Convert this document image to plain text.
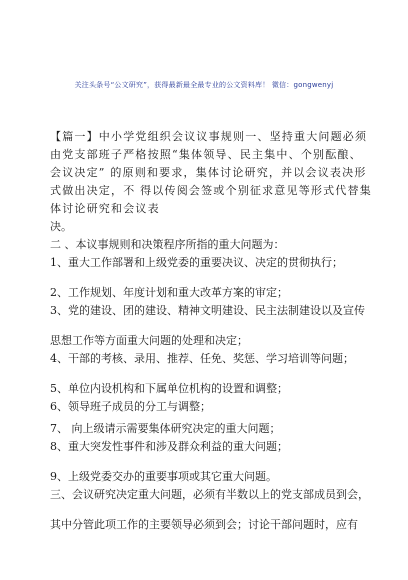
关注头条号“公文研究”，获得最新最全最专业的公文资料库！ 微信：gongwenyj

【篇一】中小学党组织会议议事规则一、坚持重大问题必须由党支部班子严格按照“集体领导、民主集中、个别酝酿、会议决定” 的原则和要求，集体讨论研究，并以会议表决形式做出决定，不 得以传阅会签或个别征求意见等形式代替集体讨论研究和会议表

决。

二 、本议事规则和决策程序所指的重大问题为：

1、重大工作部署和上级党委的重要决议、决定的贯彻执行；

2、工作规划、年度计划和重大改革方案的审定；

3、党的建设、团的建设、精神文明建设、民主法制建设以及宣传

思想工作等方面重大问题的处理和决定；

4、干部的考核、录用、推荐、任免、奖惩、学习培训等问题；

5、单位内设机构和下属单位机构的设置和调整；

6、领导班子成员的分工与调整；

7、 向上级请示需要集体研究决定的重大问题；

8、重大突发性事件和涉及群众利益的重大问题；

9、上级党委交办的重要事项或其它重大问题。

三、会议研究决定重大问题，必须有半数以上的党支部成员到会，

其中分管此项工作的主要领导必须到会；讨论干部问题时，应有
